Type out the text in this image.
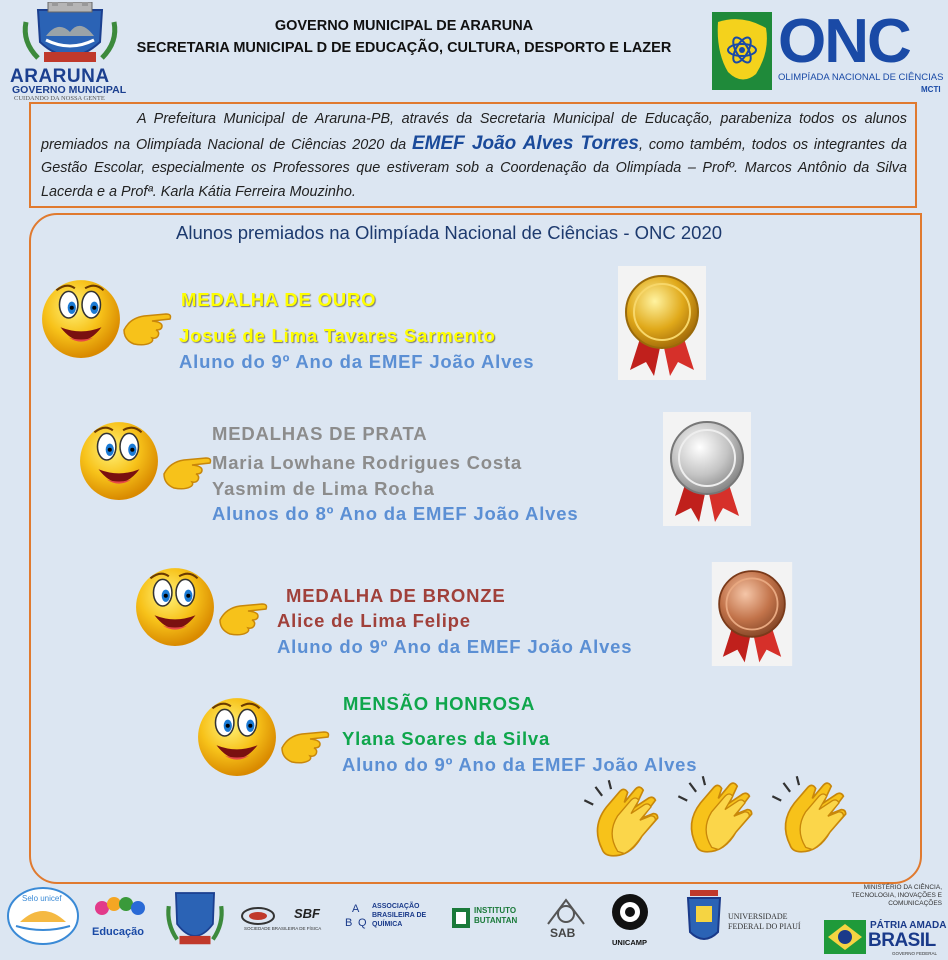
ARARUNA
GOVERNO MUNICIPAL
CUIDANDO DA NOSSA GENTE
GOVERNO MUNICIPAL DE ARARUNA
SECRETARIA MUNICIPAL D DE EDUCAÇÃO, CULTURA, DESPORTO E LAZER	ONC
OLIMPÍADA NACIONAL DE CIÊNCIAS
MCTI
A Prefeitura Municipal de Araruna-PB, através da Secretaria Municipal de Educação, parabeniza todos os alunos premiados na Olimpíada Nacional de Ciências 2020 da EMEF João Alves Torres, como também, todos os integrantes da Gestão Escolar, especialmente os Professores que estiveram sob a Coordenação da Olimpíada – Profº. Marcos Antônio da Silva Lacerda e a Profª. Karla Kátia Ferreira Mouzinho.
Alunos premiados na Olimpíada Nacional de Ciências - ONC 2020
MEDALHA DE OURO
Josué de Lima Tavares Sarmento
Aluno do 9º Ano da EMEF João Alves
MEDALHAS DE PRATA
Maria Lowhane Rodrigues Costa
Yasmim de Lima Rocha
Alunos do 8º Ano da EMEF João Alves
MEDALHA DE BRONZE
Alice de Lima Felipe
Aluno do 9º Ano da EMEF João Alves
MENSÃO HONROSA
Ylana Soares da Silva
Aluno do 9º Ano da EMEF João Alves
Selo unicef
Educação
SBF
SOCIEDADE BRASILEIRA DE FÍSICA
A
B Q
ASSOCIAÇÃO BRASILEIRA DE QUÍMICA
INSTITUTO BUTANTAN
SAB
UNICAMP
UNIVERSIDADE FEDERAL DO PIAUÍ
MINISTÉRIO DA CIÊNCIA, TECNOLOGIA, INOVAÇÕES E COMUNICAÇÕES
PÁTRIA AMADA
BRASIL
GOVERNO FEDERAL
